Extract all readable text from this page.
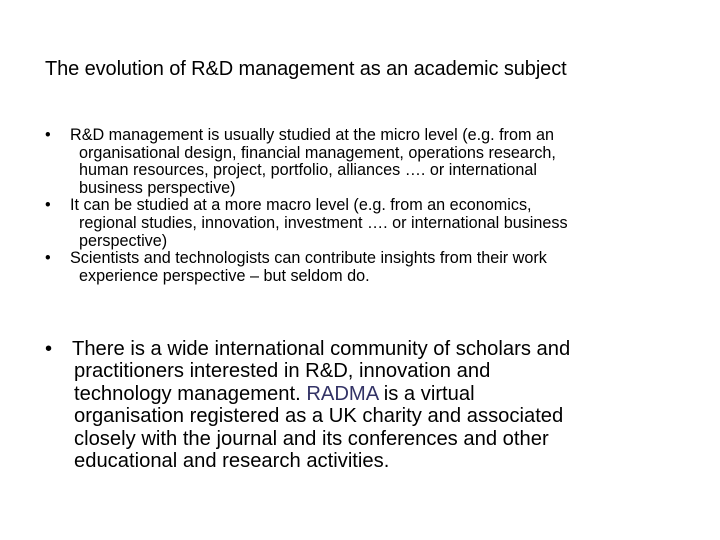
The evolution of R&D management as an academic subject
• R&D management is usually studied at the micro level (e.g. from an
organisational design, financial management, operations research,
human resources, project, portfolio, alliances …. or international
business perspective)
• It can be studied at a more macro level (e.g. from an economics,
regional studies, innovation, investment …. or international business
perspective)
• Scientists and technologists can contribute insights from their work
experience perspective – but seldom do.
• There is a wide international community of scholars and
practitioners interested in R&D, innovation and
technology management. RADMA is a virtual
organisation registered as a UK charity and associated
closely with the journal and its conferences and other
educational and research activities.
